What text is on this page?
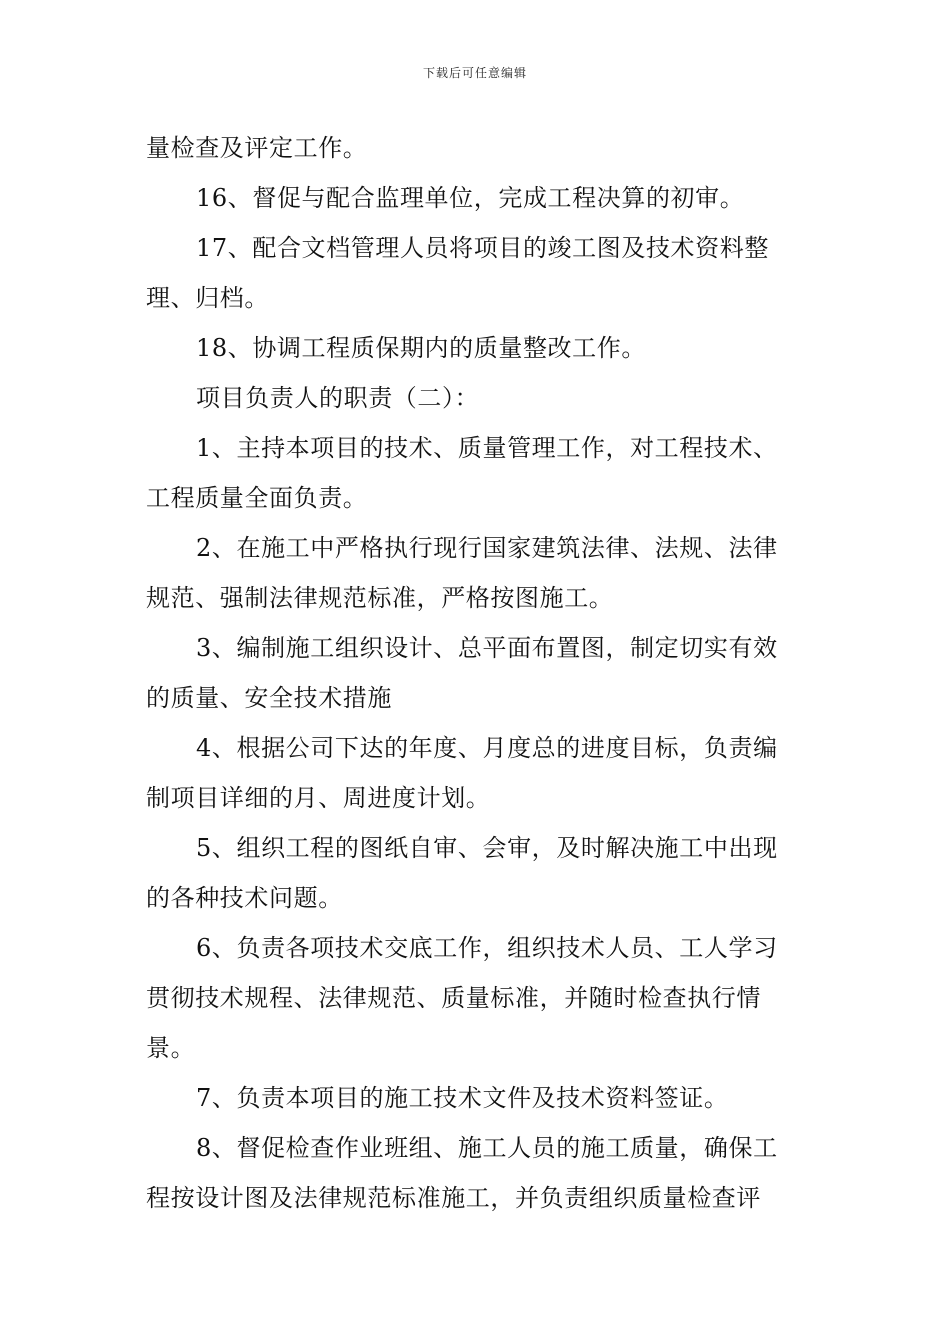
下载后可任意编辑
量检查及评定工作。
16、督促与配合监理单位，完成工程决算的初审。
17、配合文档管理人员将项目的竣工图及技术资料整
理、归档。
18、协调工程质保期内的质量整改工作。
项目负责人的职责（二）：
1、主持本项目的技术、质量管理工作，对工程技术、
工程质量全面负责。
2、在施工中严格执行现行国家建筑法律、法规、法律
规范、强制法律规范标准，严格按图施工。
3、编制施工组织设计、总平面布置图，制定切实有效
的质量、安全技术措施
4、根据公司下达的年度、月度总的进度目标，负责编
制项目详细的月、周进度计划。
5、组织工程的图纸自审、会审，及时解决施工中出现
的各种技术问题。
6、负责各项技术交底工作，组织技术人员、工人学习
贯彻技术规程、法律规范、质量标准，并随时检查执行情
景。
7、负责本项目的施工技术文件及技术资料签证。
8、督促检查作业班组、施工人员的施工质量，确保工
程按设计图及法律规范标准施工，并负责组织质量检查评
